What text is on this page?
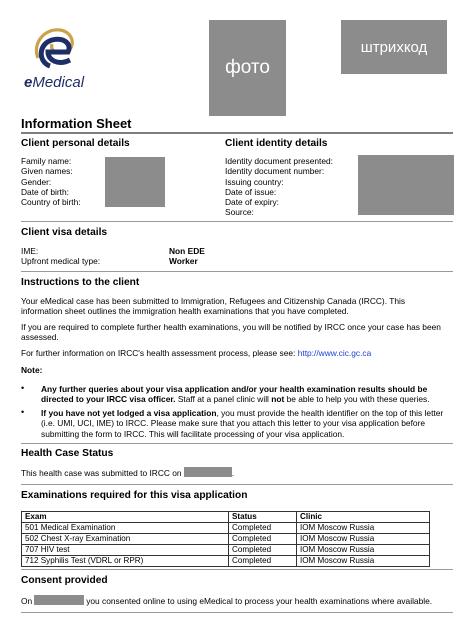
eMedical
фото
штрихкод
Information Sheet
Client personal details
Family name:
Given names:
Gender:
Date of birth:
Country of birth:
Client identity details
Identity document presented:
Identity document number:
Issuing country:
Date of issue:
Date of expiry:
Source:
Client visa details
IME:	Non EDE
Upfront medical type:	Worker
Instructions to the client
Your eMedical case has been submitted to Immigration, Refugees and Citizenship Canada (IRCC). This information sheet outlines the immigration health examinations that you have completed.
If you are required to complete further health examinations, you will be notified by IRCC once your case has been assessed.
For further information on IRCC's health assessment process, please see: http://www.cic.gc.ca
Note:
• Any further queries about your visa application and/or your health examination results should be directed to your IRCC visa officer. Staff at a panel clinic will not be able to help you with these queries.
• If you have not yet lodged a visa application, you must provide the health identifier on the top of this letter (i.e. UMI, UCI, IME) to IRCC. Please make sure that you attach this letter to your visa application before submitting the form to IRCC. This will facilitate processing of your visa application.
Health Case Status
This health case was submitted to IRCC on	.
Examinations required for this visa application
Exam	Status	Clinic
501 Medical Examination	Completed	IOM Moscow Russia
502 Chest X-ray Examination	Completed	IOM Moscow Russia
707 HIV test	Completed	IOM Moscow Russia
712 Syphilis Test (VDRL or RPR)	Completed	IOM Moscow Russia
Consent provided
On	you consented online to using eMedical to process your health examinations where available.
